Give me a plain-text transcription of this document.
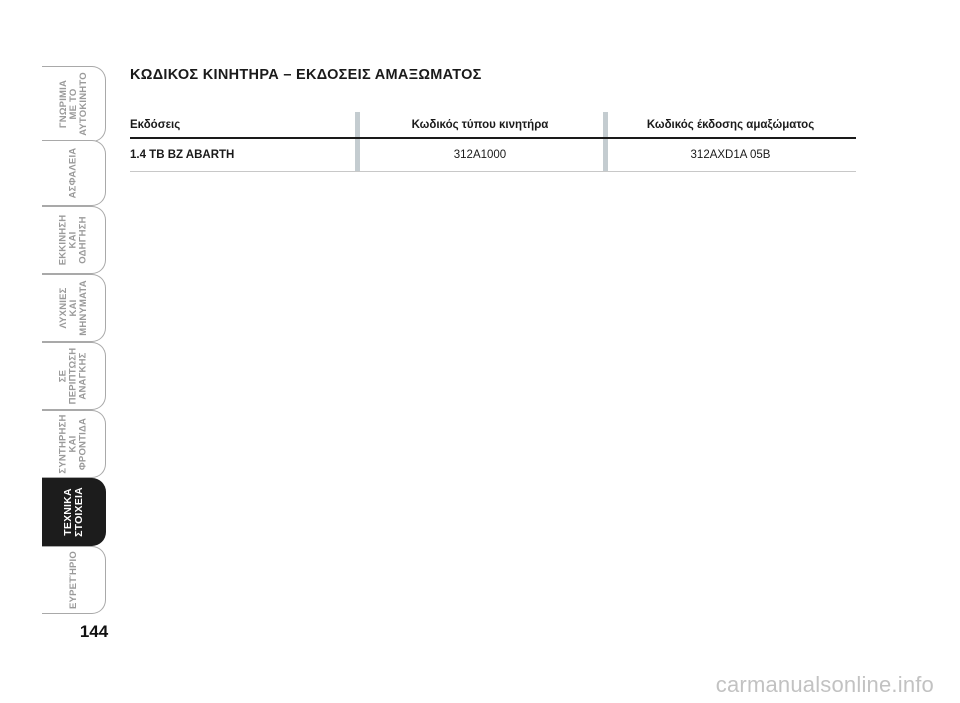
ΓΝΩΡΙΜΙΑ
ΜΕ ΤΟ
ΑΥΤΟΚΙΝΗΤΟ
ΑΣΦΑΛΕΙΑ
ΕΚΚΙΝΗΣΗ
ΚΑΙ
ΟΔΗΓΗΣΗ
ΛΥΧΝΙΕΣ
ΚΑΙ
ΜΗΝΥΜΑΤΑ
ΣΕ
ΠΕΡΙΠΤΩΣΗ
ΑΝΑΓΚΗΣ
ΣΥΝΤΗΡΗΣΗ
ΚΑΙ
ΦΡΟΝΤΙΔΑ
ΤΕΧΝΙΚΑ
ΣΤΟΙΧΕΙΑ
ΕΥΡΕΤΉΡΙΟ
144
ΚΩΔΙΚΟΣ ΚΙΝΗΤΗΡΑ – ΕΚΔΟΣΕΙΣ ΑΜΑΞΩΜΑΤΟΣ
Εκδόσεις	Κωδικός τύπου κινητήρα	Κωδικός έκδοσης αμαξώματος
1.4 TB BZ ABARTH	312A1000	312AXD1A 05B
carmanualsonline.info
